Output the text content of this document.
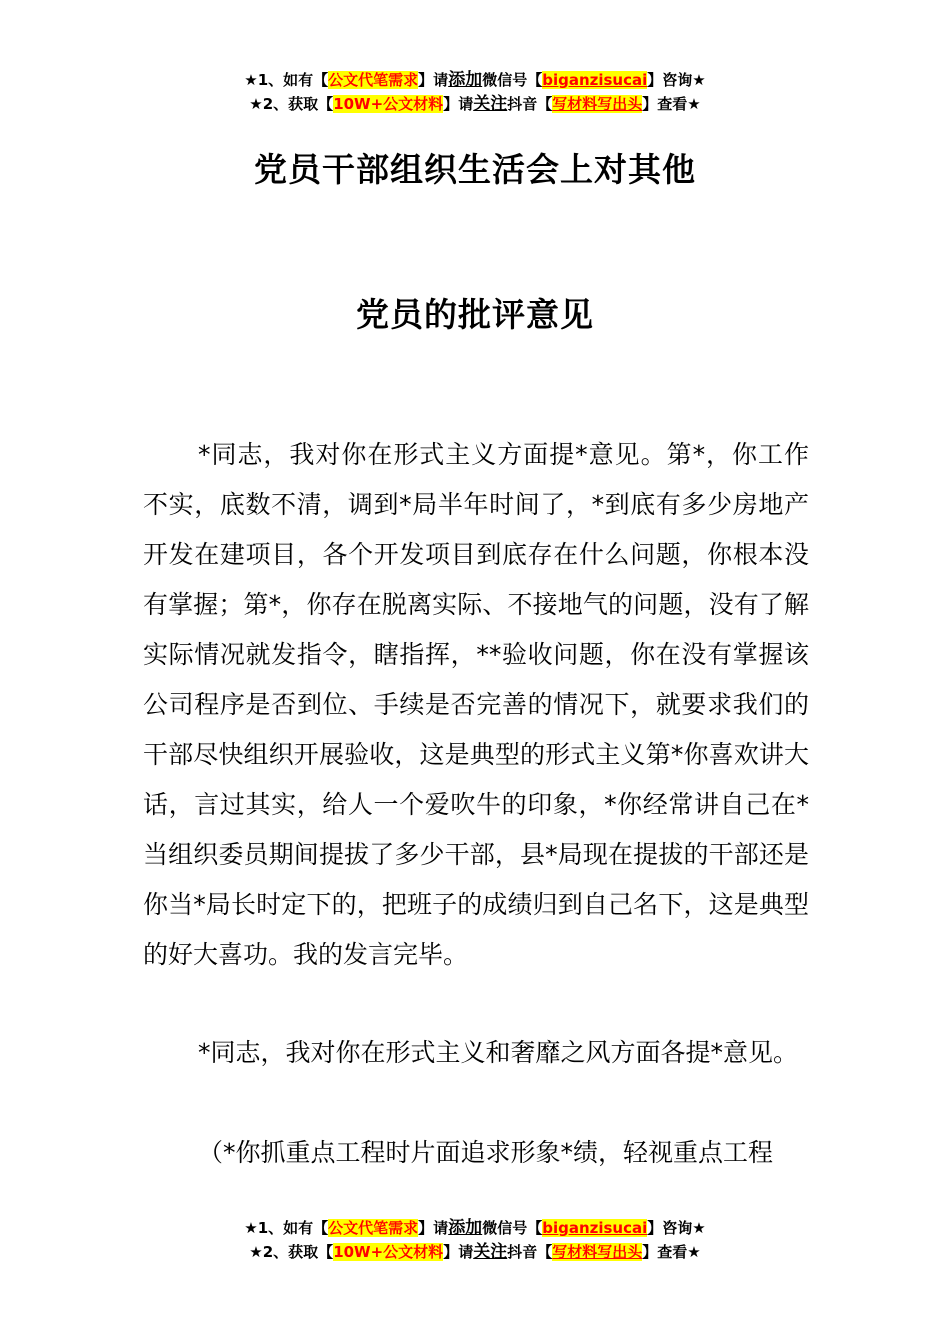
★1、如有【公文代笔需求】请添加微信号【biganzisucai】咨询★
★2、获取【10W+公文材料】请关注抖音【写材料写出头】查看★
党员干部组织生活会上对其他
党员的批评意见

*同志，我对你在形式主义方面提*意见。第*，你工作不实，底数不清，调到*局半年时间了，*到底有多少房地产开发在建项目，各个开发项目到底存在什么问题，你根本没有掌握；第*，你存在脱离实际、不接地气的问题，没有了解实际情况就发指令，瞎指挥，**验收问题，你在没有掌握该公司程序是否到位、手续是否完善的情况下，就要求我们的干部尽快组织开展验收，这是典型的形式主义第*你喜欢讲大话，言过其实，给人一个爱吹牛的印象，*你经常讲自己在*当组织委员期间提拔了多少干部，县*局现在提拔的干部还是你当*局长时定下的，把班子的成绩归到自己名下，这是典型的好大喜功。我的发言完毕。

*同志，我对你在形式主义和奢靡之风方面各提*意见。

（*你抓重点工程时片面追求形象*绩，轻视重点工程

★1、如有【公文代笔需求】请添加微信号【biganzisucai】咨询★
★2、获取【10W+公文材料】请关注抖音【写材料写出头】查看★
